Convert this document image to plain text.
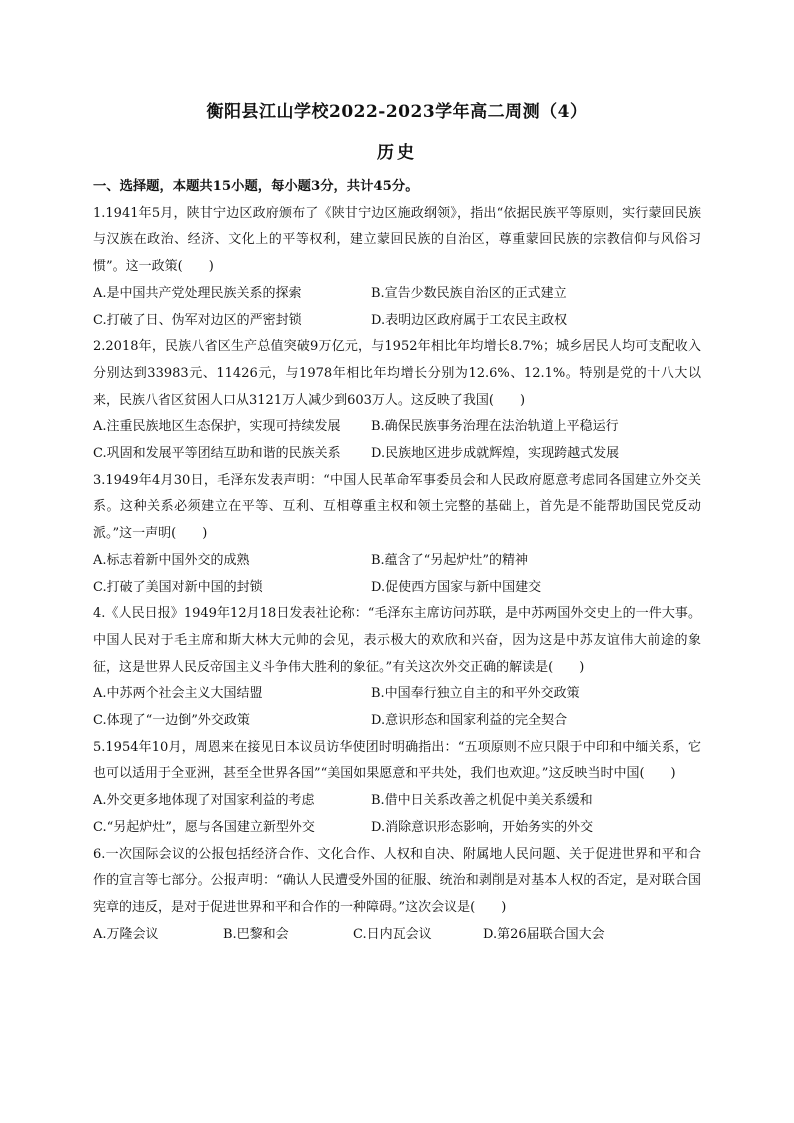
衡阳县江山学校2022-2023学年高二周测（4）
历史
一、选择题，本题共15小题，每小题3分，共计45分。
1.1941年5月，陕甘宁边区政府颁布了《陕甘宁边区施政纲领》，指出“依据民族平等原则，实行蒙回民族与汉族在政治、经济、文化上的平等权利，建立蒙回民族的自治区，尊重蒙回民族的宗教信仰与风俗习惯”。这一政策(　　)
A.是中国共产党处理民族关系的探索	B.宣告少数民族自治区的正式建立
C.打破了日、伪军对边区的严密封锁	D.表明边区政府属于工农民主政权
2.2018年，民族八省区生产总值突破9万亿元，与1952年相比年均增长8.7%；城乡居民人均可支配收入分别达到33983元、11426元，与1978年相比年均增长分别为12.6%、12.1%。特别是党的十八大以来，民族八省区贫困人口从3121万人减少到603万人。这反映了我国(　　)
A.注重民族地区生态保护，实现可持续发展	B.确保民族事务治理在法治轨道上平稳运行
C.巩固和发展平等团结互助和谐的民族关系	D.民族地区进步成就辉煌，实现跨越式发展
3.1949年4月30日，毛泽东发表声明：“中国人民革命军事委员会和人民政府愿意考虑同各国建立外交关系。这种关系必须建立在平等、互利、互相尊重主权和领土完整的基础上，首先是不能帮助国民党反动派。”这一声明(　　)
A.标志着新中国外交的成熟	B.蕴含了“另起炉灶”的精神
C.打破了美国对新中国的封锁	D.促使西方国家与新中国建交
4.《人民日报》1949年12月18日发表社论称：“毛泽东主席访问苏联，是中苏两国外交史上的一件大事。中国人民对于毛主席和斯大林大元帅的会见，表示极大的欢欣和兴奋，因为这是中苏友谊伟大前途的象征，这是世界人民反帝国主义斗争伟大胜利的象征。”有关这次外交正确的解读是(　　)
A.中苏两个社会主义大国结盟	B.中国奉行独立自主的和平外交政策
C.体现了“一边倒”外交政策	D.意识形态和国家利益的完全契合
5.1954年10月，周恩来在接见日本议员访华使团时明确指出：“五项原则不应只限于中印和中缅关系，它也可以适用于全亚洲，甚至全世界各国”“美国如果愿意和平共处，我们也欢迎。”这反映当时中国(　　)
A.外交更多地体现了对国家利益的考虑	B.借中日关系改善之机促中美关系缓和
C.“另起炉灶”，愿与各国建立新型外交	D.消除意识形态影响，开始务实的外交
6.一次国际会议的公报包括经济合作、文化合作、人权和自决、附属地人民问题、关于促进世界和平和合作的宣言等七部分。公报声明：“确认人民遭受外国的征服、统治和剥削是对基本人权的否定，是对联合国宪章的违反，是对于促进世界和平和合作的一种障碍。”这次会议是(　　)
A.万隆会议	B.巴黎和会	C.日内瓦会议	D.第26届联合国大会
